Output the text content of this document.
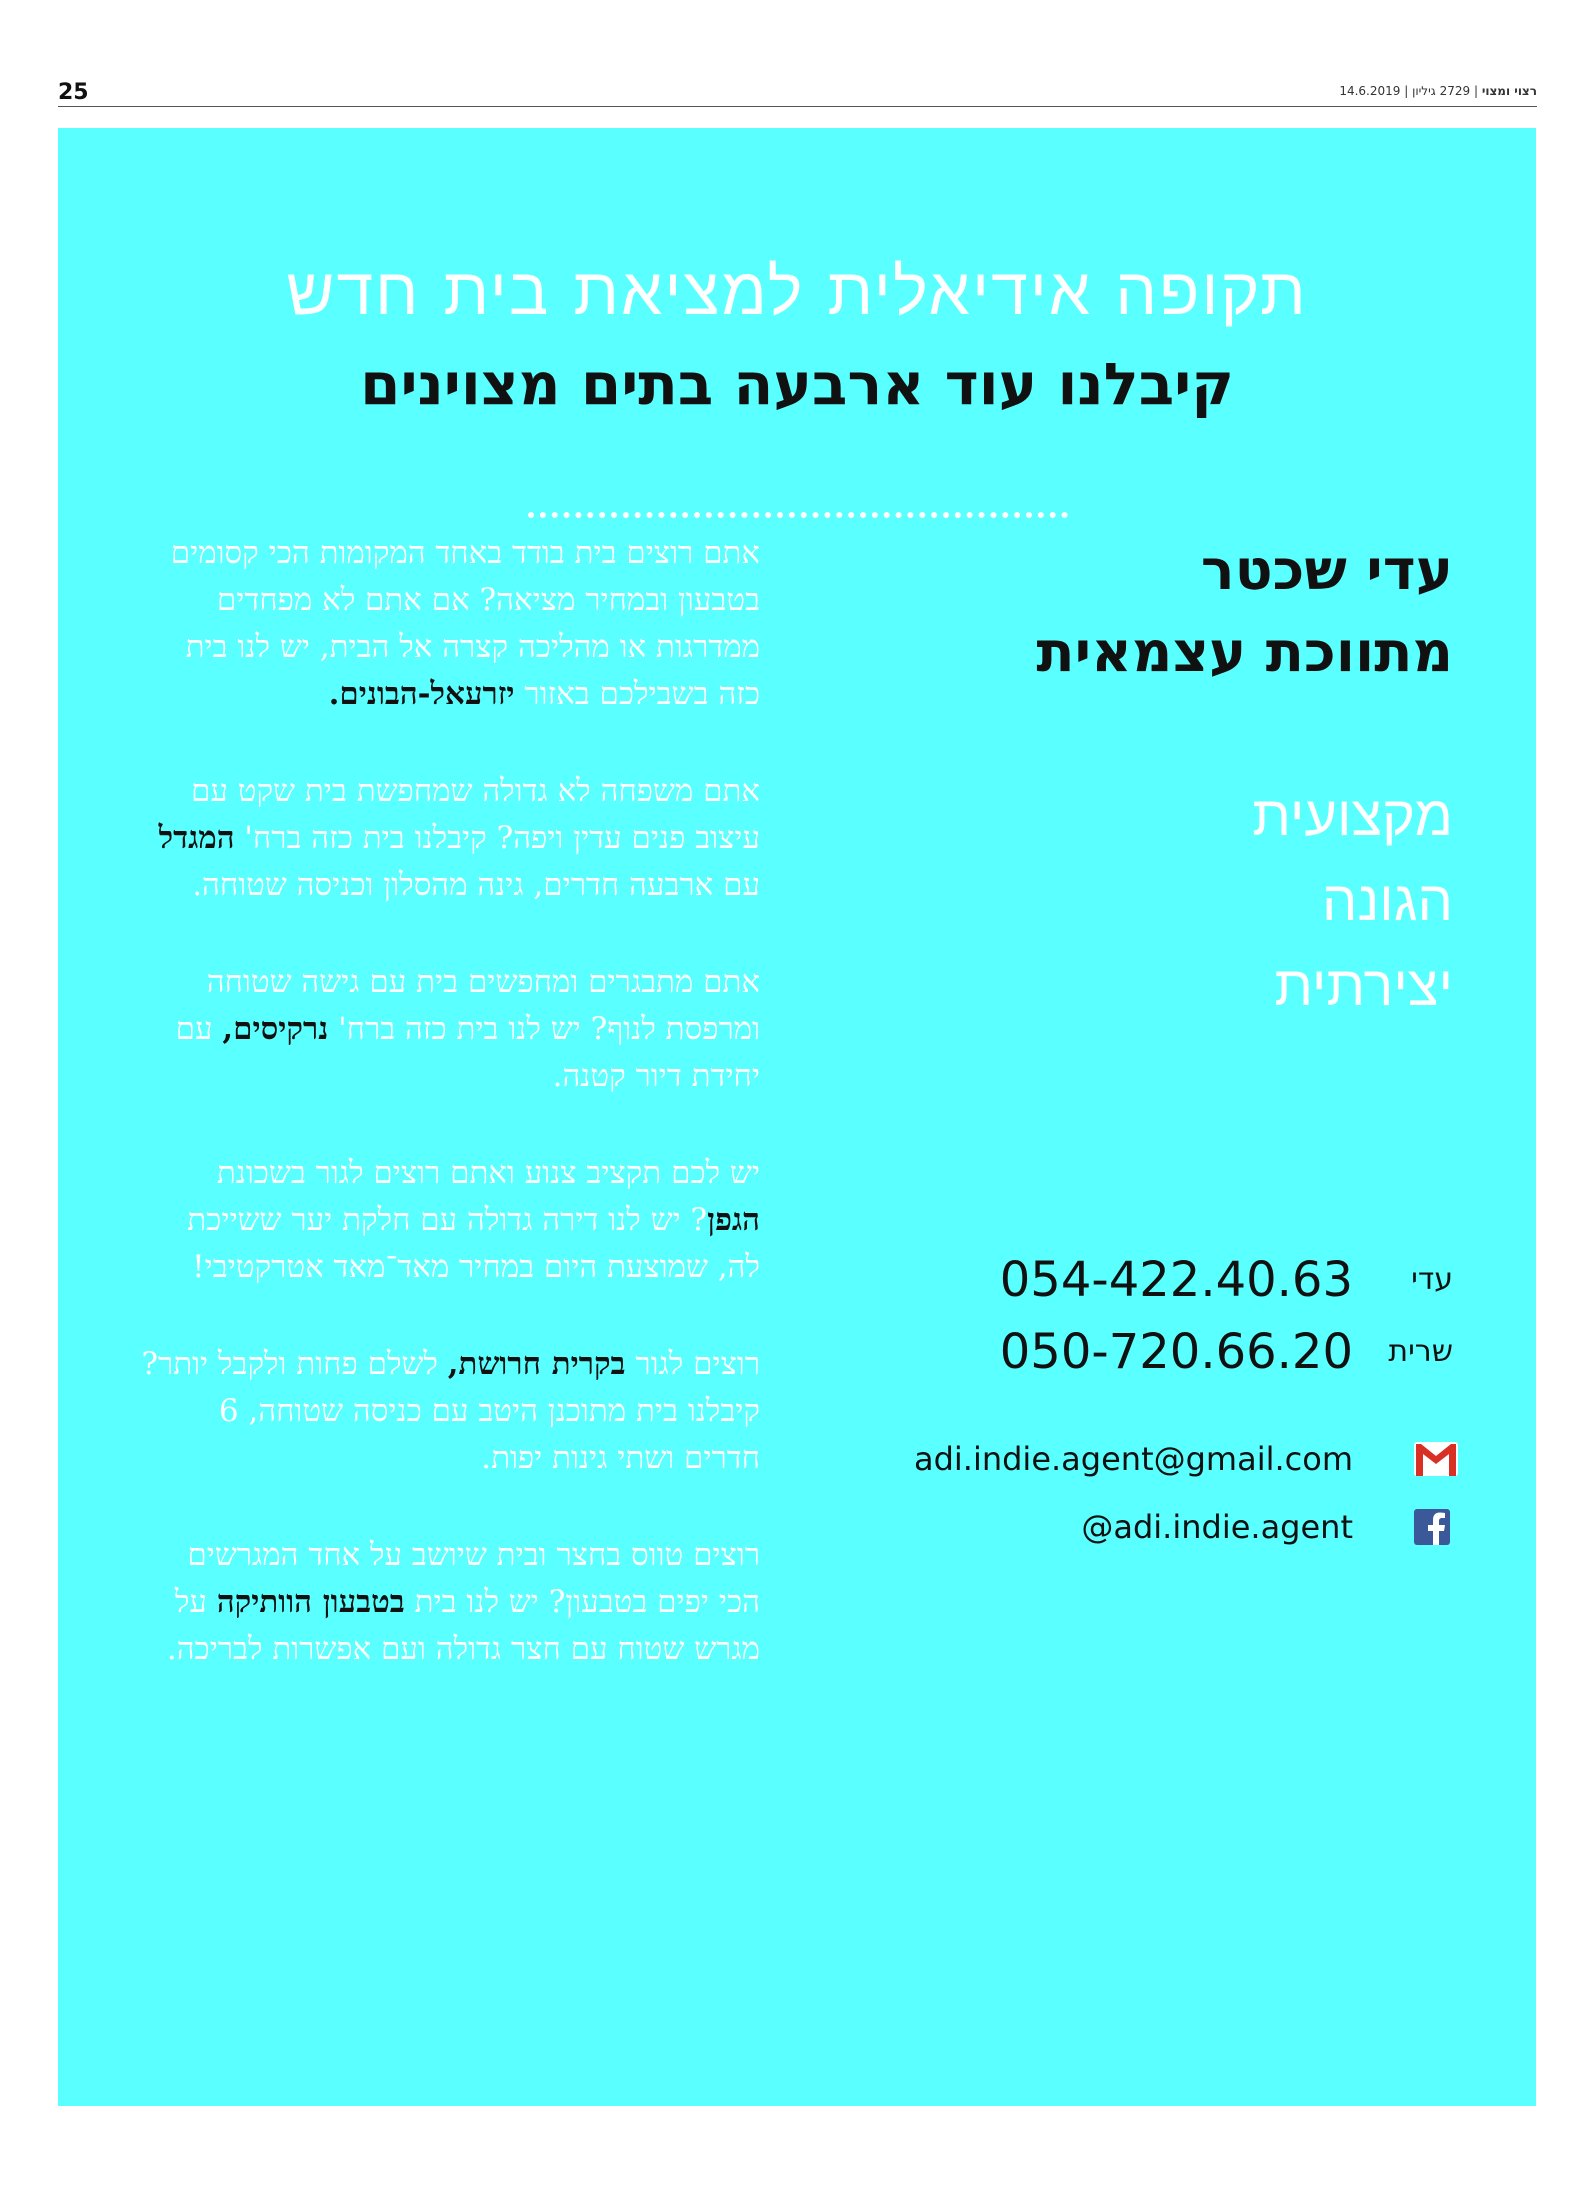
25	רצוי ומצוי | 2729 גיליון | 14.6.2019
תקופה אידיאלית למציאת בית חדש
קיבלנו עוד ארבעה בתים מצוינים
עדי שכטר
מתווכת עצמאית
מקצועית
הגונה
יצירתית
054-422.40.63 עדי
050-720.66.20 שרית
adi.indie.agent@gmail.com
@adi.indie.agent
אתם רוצים בית בודד באחד המקומות הכי קסומים בטבעון ובמחיר מציאה? אם אתם לא מפחדים ממדרגות או מהליכה קצרה אל הבית, יש לנו בית כזה בשבילכם באזור יזרעאל-הבונים.
אתם משפחה לא גדולה שמחפשת בית שקט עם עיצוב פנים עדין ויפה? קיבלנו בית כזה ברח' המגדל עם ארבעה חדרים, גינה מהסלון וכניסה שטוחה.
אתם מתבגרים ומחפשים בית עם גישה שטוחה ומרפסת לנוף? יש לנו בית כזה ברח' נרקיסים, עם יחידת דיור קטנה.
יש לכם תקציב צנוע ואתם רוצים לגור בשכונת הגפן? יש לנו דירה גדולה עם חלקת יער ששייכת לה, שמוצעת היום במחיר מאד־מאד אטרקטיבי!
רוצים לגור בקרית חרושת, לשלם פחות ולקבל יותר? קיבלנו בית מתוכנן היטב עם כניסה שטוחה, 6 חדרים ושתי גינות יפות.
רוצים טווס בחצר ובית שיושב על אחד המגרשים הכי יפים בטבעון? יש לנו בית בטבעון הוותיקה על מגרש שטוח עם חצר גדולה ועם אפשרות לבריכה.
